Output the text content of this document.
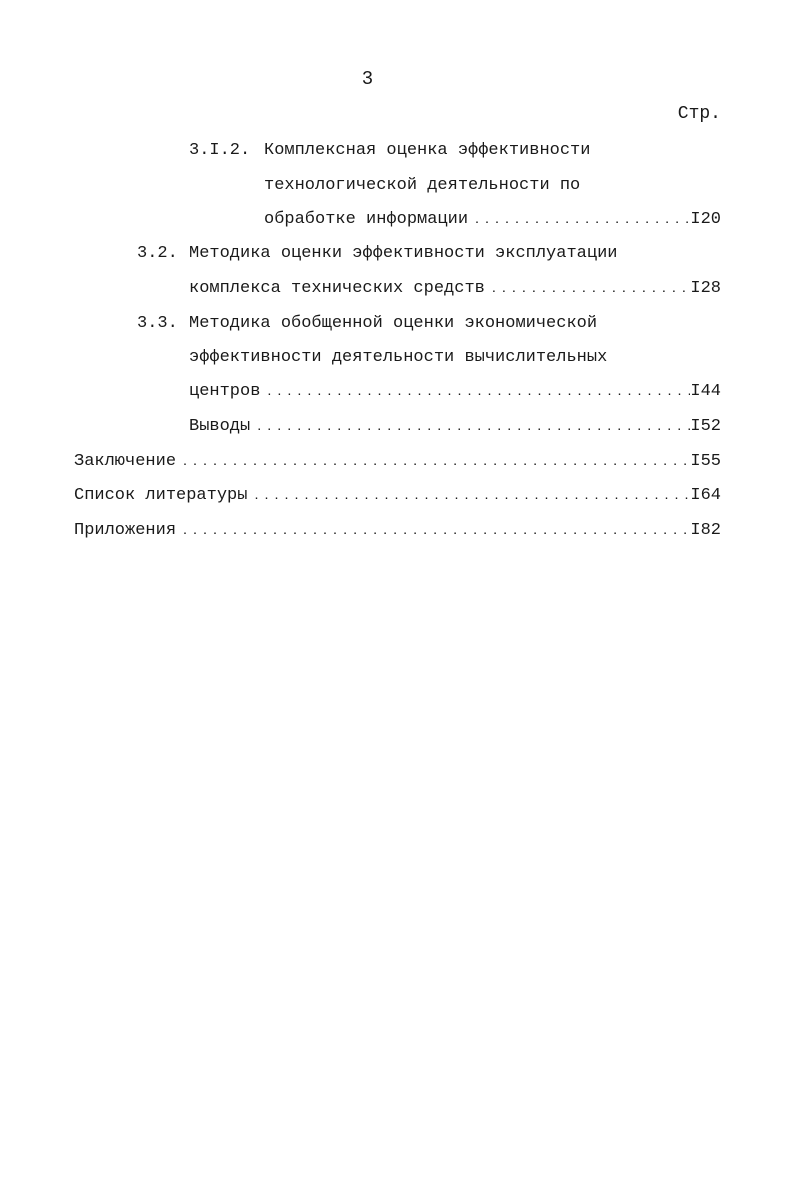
3
Стр.
3.I.2. Комплексная оценка эффективности
технологической деятельности по
обработке информации . . .	I20
3.2. Методика оценки эффективности эксплуатации
комплекса технических средств . . .	I28
3.3. Методика обобщенной оценки экономической
эффективности деятельности вычислительных
центров . . .	I44
Выводы . . .	I52
Заключение . . .	I55
Список литературы . . .	I64
Приложения . . .	I82
